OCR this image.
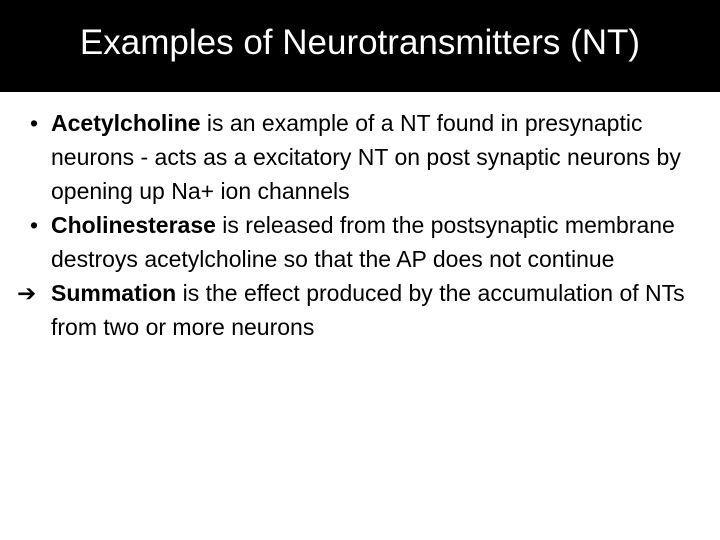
Examples of Neurotransmitters (NT)
• Acetylcholine is an example of a NT found in presynaptic neurons - acts as a excitatory NT on post synaptic neurons by opening up Na+ ion channels
• Cholinesterase is released from the postsynaptic membrane destroys acetylcholine so that the AP does not continue
➔ Summation is the effect produced by the accumulation of NTs from two or more neurons
